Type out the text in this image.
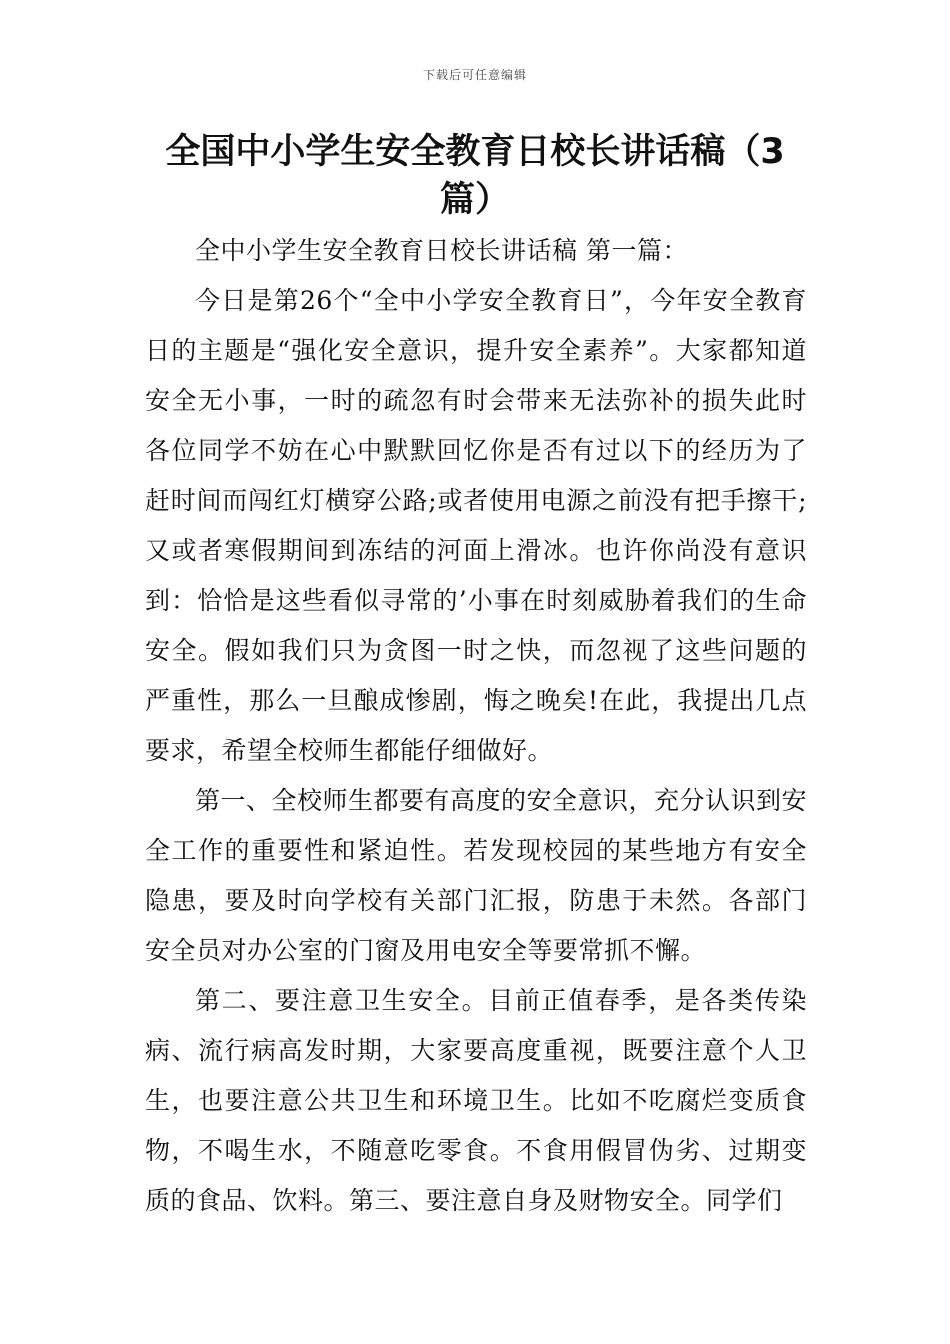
下载后可任意编辑
全国中小学生安全教育日校长讲话稿（3篇）

全中小学生安全教育日校长讲话稿 第一篇：

今日是第26个“全中小学安全教育日”，今年安全教育日的主题是“强化安全意识，提升安全素养”。大家都知道安全无小事，一时的疏忽有时会带来无法弥补的损失此时各位同学不妨在心中默默回忆你是否有过以下的经历为了赶时间而闯红灯横穿公路;或者使用电源之前没有把手擦干;又或者寒假期间到冻结的河面上滑冰。也许你尚没有意识到：恰恰是这些看似寻常的’小事在时刻威胁着我们的生命安全。假如我们只为贪图一时之快，而忽视了这些问题的严重性，那么一旦酿成惨剧，悔之晚矣!在此，我提出几点要求，希望全校师生都能仔细做好。

第一、全校师生都要有高度的安全意识，充分认识到安全工作的重要性和紧迫性。若发现校园的某些地方有安全隐患，要及时向学校有关部门汇报，防患于未然。各部门安全员对办公室的门窗及用电安全等要常抓不懈。

第二、要注意卫生安全。目前正值春季，是各类传染病、流行病高发时期，大家要高度重视，既要注意个人卫生，也要注意公共卫生和环境卫生。比如不吃腐烂变质食物，不喝生水，不随意吃零食。不食用假冒伪劣、过期变质的食品、饮料。第三、要注意自身及财物安全。同学们
